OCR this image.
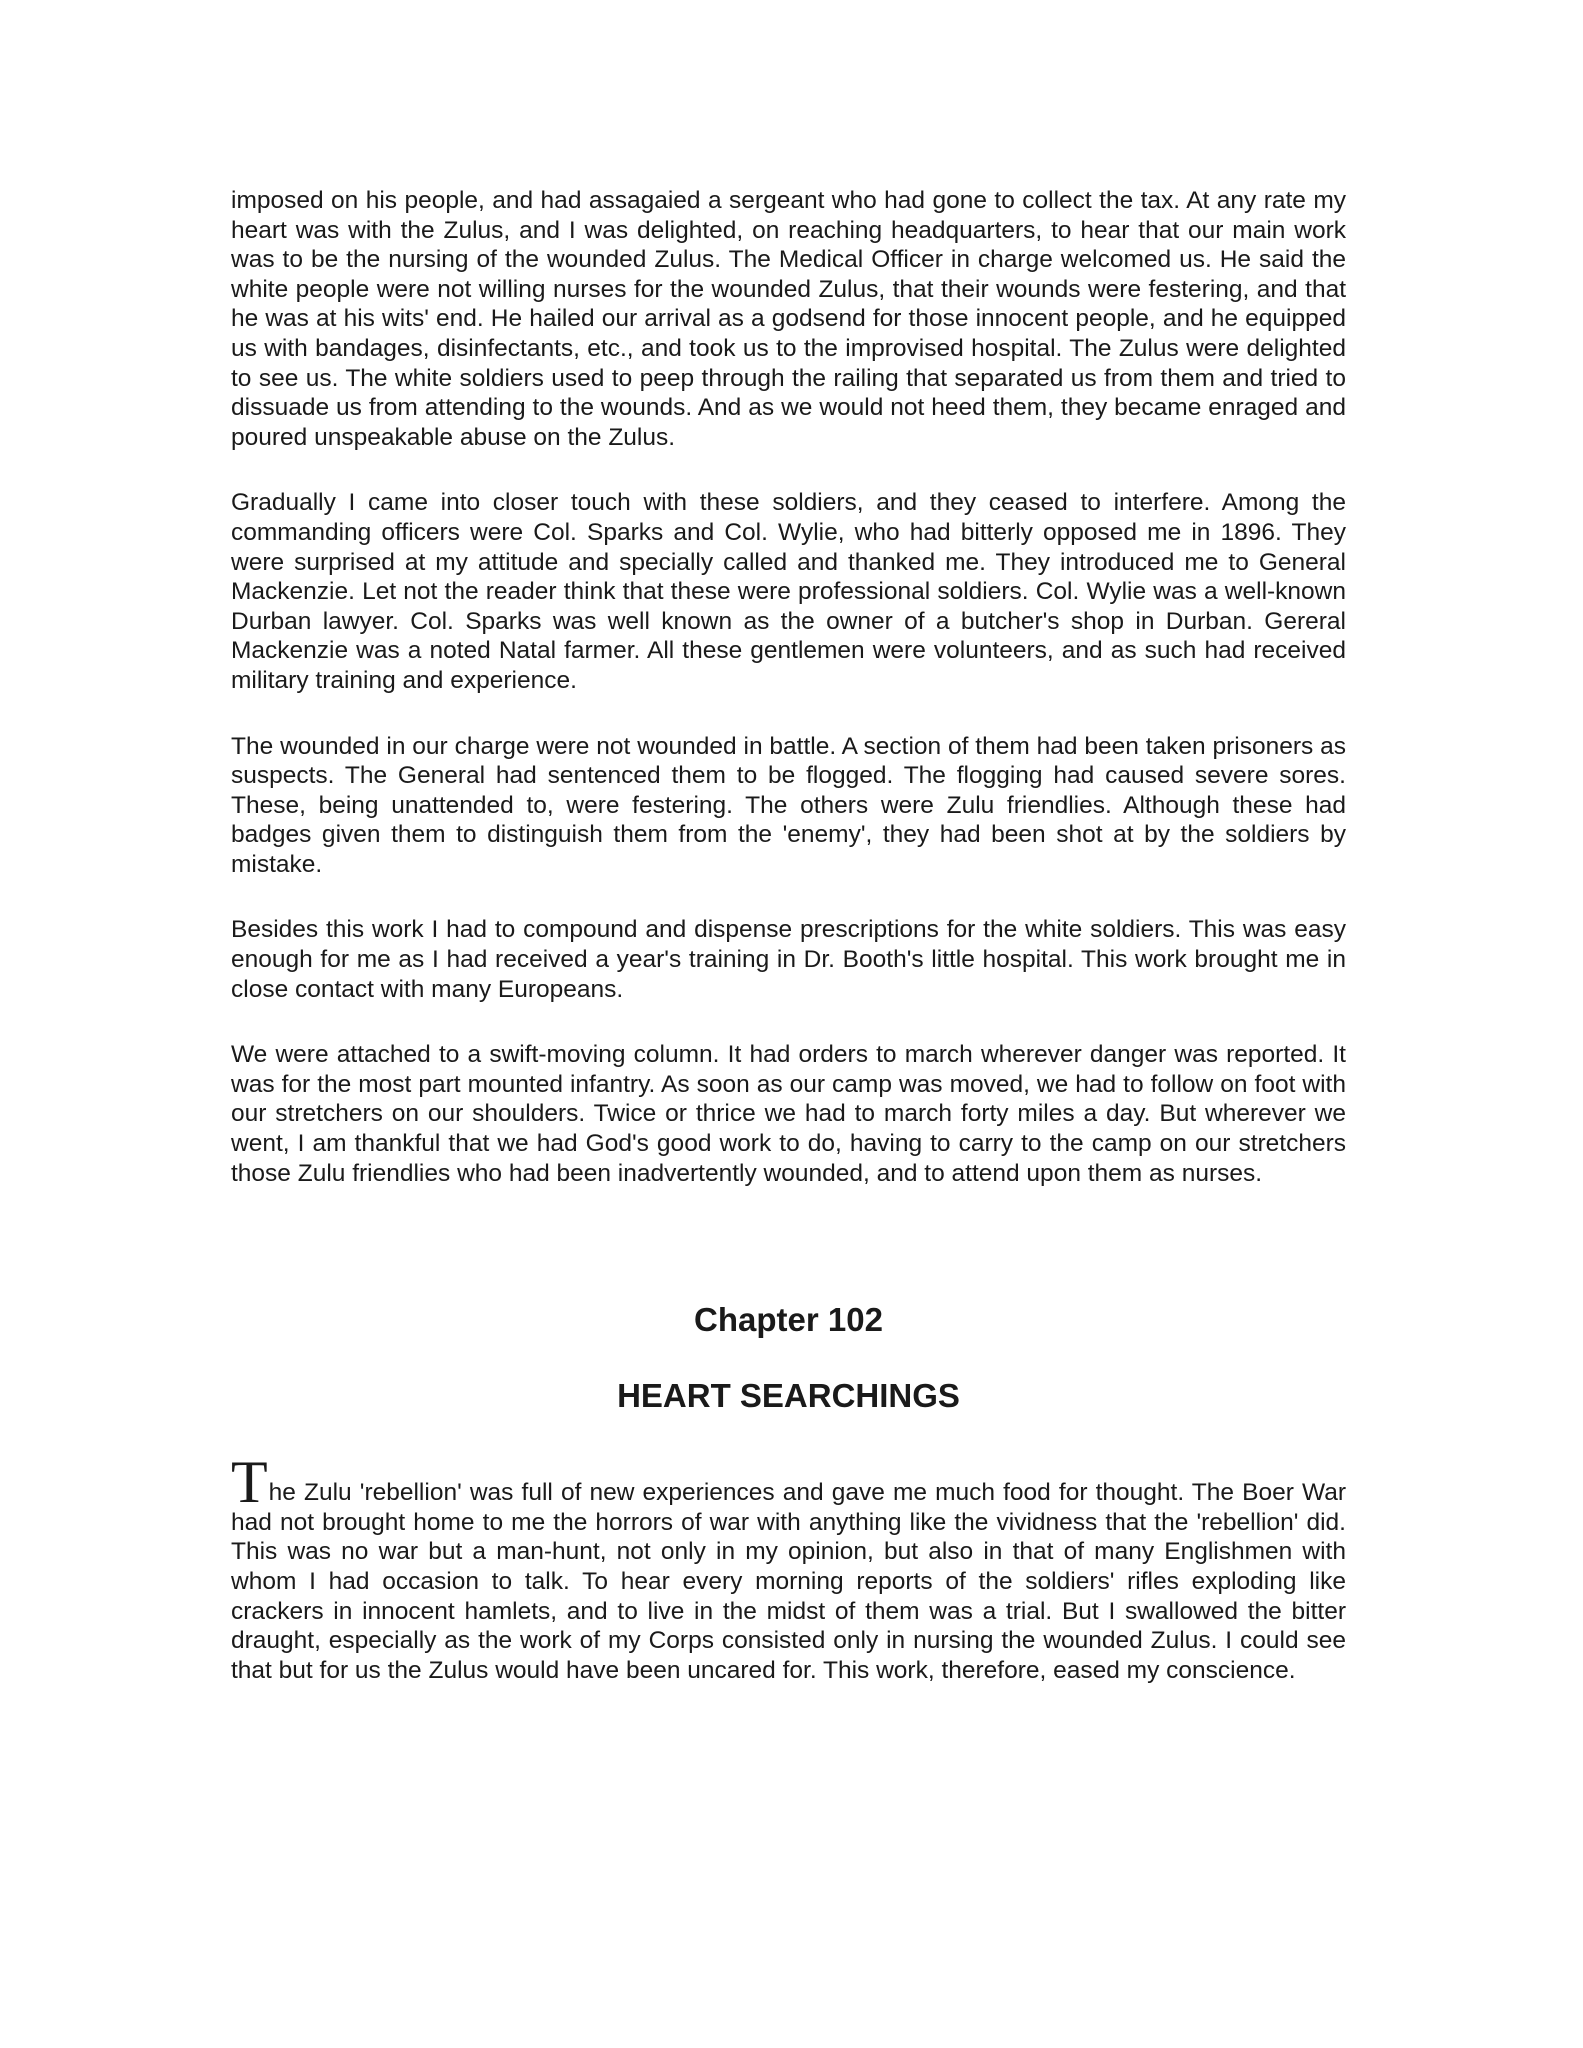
imposed on his people, and had assagaied a sergeant who had gone to collect the tax. At any rate my heart was with the Zulus, and I was delighted, on reaching headquarters, to hear that our main work was to be the nursing of the wounded Zulus. The Medical Officer in charge welcomed us. He said the white people were not willing nurses for the wounded Zulus, that their wounds were festering, and that he was at his wits' end. He hailed our arrival as a godsend for those innocent people, and he equipped us with bandages, disinfectants, etc., and took us to the improvised hospital. The Zulus were delighted to see us. The white soldiers used to peep through the railing that separated us from them and tried to dissuade us from attending to the wounds. And as we would not heed them, they became enraged and poured unspeakable abuse on the Zulus.

Gradually I came into closer touch with these soldiers, and they ceased to interfere. Among the commanding officers were Col. Sparks and Col. Wylie, who had bitterly opposed me in 1896. They were surprised at my attitude and specially called and thanked me. They introduced me to General Mackenzie. Let not the reader think that these were professional soldiers. Col. Wylie was a well-known Durban lawyer. Col. Sparks was well known as the owner of a butcher's shop in Durban. Gereral Mackenzie was a noted Natal farmer. All these gentlemen were volunteers, and as such had received military training and experience.

The wounded in our charge were not wounded in battle. A section of them had been taken prisoners as suspects. The General had sentenced them to be flogged. The flogging had caused severe sores. These, being unattended to, were festering. The others were Zulu friendlies. Although these had badges given them to distinguish them from the 'enemy', they had been shot at by the soldiers by mistake.

Besides this work I had to compound and dispense prescriptions for the white soldiers. This was easy enough for me as I had received a year's training in Dr. Booth's little hospital. This work brought me in close contact with many Europeans.

We were attached to a swift-moving column. It had orders to march wherever danger was reported. It was for the most part mounted infantry. As soon as our camp was moved, we had to follow on foot with our stretchers on our shoulders. Twice or thrice we had to march forty miles a day. But wherever we went, I am thankful that we had God's good work to do, having to carry to the camp on our stretchers those Zulu friendlies who had been inadvertently wounded, and to attend upon them as nurses.

Chapter 102
HEART SEARCHINGS

The Zulu 'rebellion' was full of new experiences and gave me much food for thought. The Boer War had not brought home to me the horrors of war with anything like the vividness that the 'rebellion' did. This was no war but a man-hunt, not only in my opinion, but also in that of many Englishmen with whom I had occasion to talk. To hear every morning reports of the soldiers' rifles exploding like crackers in innocent hamlets, and to live in the midst of them was a trial. But I swallowed the bitter draught, especially as the work of my Corps consisted only in nursing the wounded Zulus. I could see that but for us the Zulus would have been uncared for. This work, therefore, eased my conscience.
